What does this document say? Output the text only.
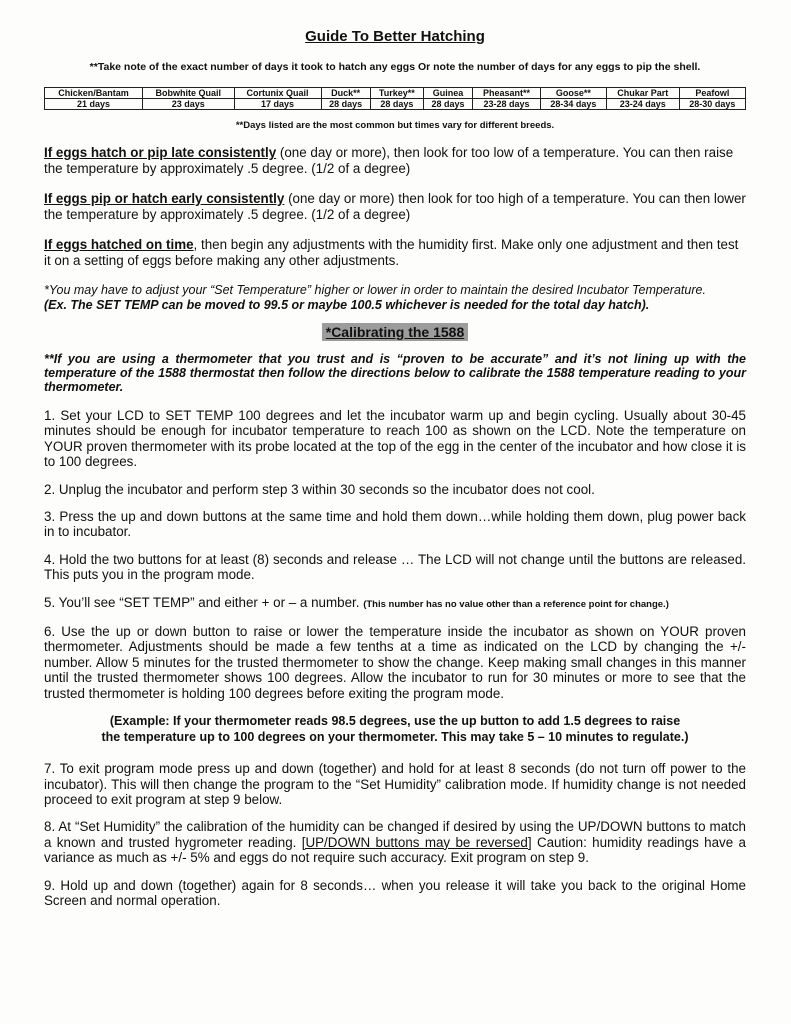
Guide To Better Hatching
**Take note of the exact number of days it took to hatch any eggs Or note the number of days for any eggs to pip the shell.
Chicken/Bantam	Bobwhite Quail	Cortunix Quail	Duck**	Turkey**	Guinea	Pheasant**	Goose**	Chukar Part	Peafowl
21 days	23 days	17 days	28 days	28 days	28 days	23-28 days	28-34 days	23-24 days	28-30 days
**Days listed are the most common but times vary for different breeds.

If eggs hatch or pip late consistently (one day or more), then look for too low of a temperature. You can then raise the temperature by approximately .5 degree. (1/2 of a degree)

If eggs pip or hatch early consistently (one day or more) then look for too high of a temperature. You can then lower the temperature by approximately .5 degree. (1/2 of a degree)

If eggs hatched on time, then begin any adjustments with the humidity first. Make only one adjustment and then test it on a setting of eggs before making any other adjustments.

*You may have to adjust your “Set Temperature” higher or lower in order to maintain the desired Incubator Temperature.
(Ex. The SET TEMP can be moved to 99.5 or maybe 100.5 whichever is needed for the total day hatch).
*Calibrating the 1588

**If you are using a thermometer that you trust and is “proven to be accurate” and it’s not lining up with the temperature of the 1588 thermostat then follow the directions below to calibrate the 1588 temperature reading to your thermometer.

1. Set your LCD to SET TEMP 100 degrees and let the incubator warm up and begin cycling. Usually about 30-45 minutes should be enough for incubator temperature to reach 100 as shown on the LCD. Note the temperature on YOUR proven thermometer with its probe located at the top of the egg in the center of the incubator and how close it is to 100 degrees.

2. Unplug the incubator and perform step 3 within 30 seconds so the incubator does not cool.

3. Press the up and down buttons at the same time and hold them down…while holding them down, plug power back in to incubator.

4. Hold the two buttons for at least (8) seconds and release … The LCD will not change until the buttons are released. This puts you in the program mode.

5. You’ll see “SET TEMP” and either + or – a number. (This number has no value other than a reference point for change.)

6. Use the up or down button to raise or lower the temperature inside the incubator as shown on YOUR proven thermometer. Adjustments should be made a few tenths at a time as indicated on the LCD by changing the +/- number. Allow 5 minutes for the trusted thermometer to show the change. Keep making small changes in this manner until the trusted thermometer shows 100 degrees. Allow the incubator to run for 30 minutes or more to see that the trusted thermometer is holding 100 degrees before exiting the program mode.

(Example: If your thermometer reads 98.5 degrees, use the up button to add 1.5 degrees to raise
the temperature up to 100 degrees on your thermometer. This may take 5 – 10 minutes to regulate.)

7. To exit program mode press up and down (together) and hold for at least 8 seconds (do not turn off power to the incubator). This will then change the program to the “Set Humidity” calibration mode. If humidity change is not needed proceed to exit program at step 9 below.

8. At “Set Humidity” the calibration of the humidity can be changed if desired by using the UP/DOWN buttons to match a known and trusted hygrometer reading. [UP/DOWN buttons may be reversed] Caution: humidity readings have a variance as much as +/- 5% and eggs do not require such accuracy. Exit program on step 9.

9. Hold up and down (together) again for 8 seconds… when you release it will take you back to the original Home Screen and normal operation.
